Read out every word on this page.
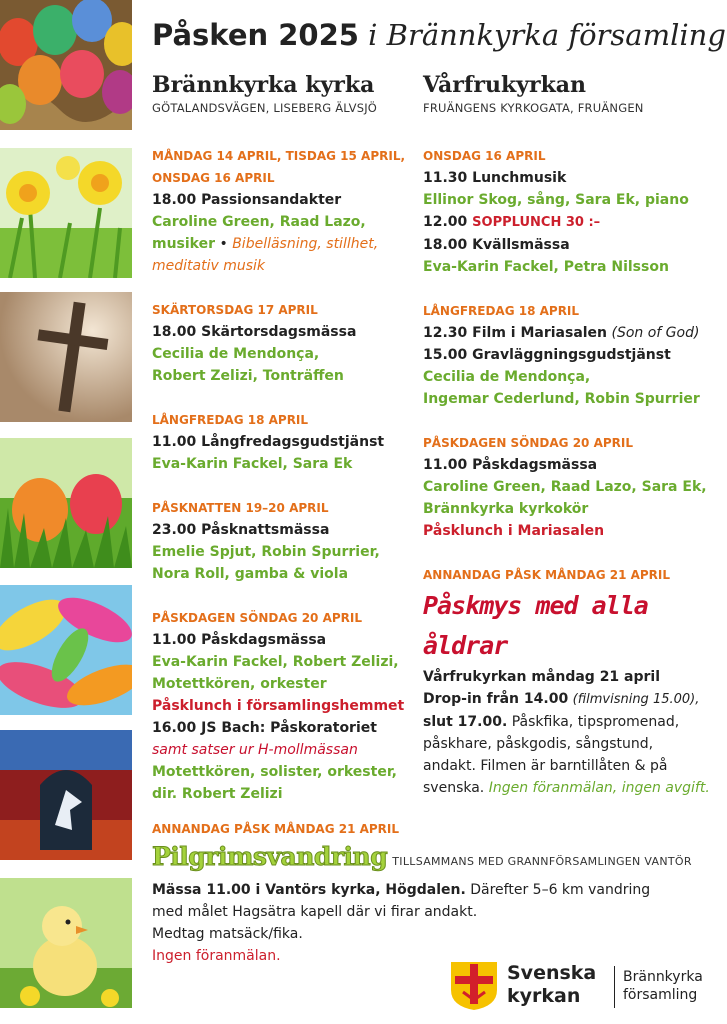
Påsken 2025 i Brännkyrka församling
Brännkyrka kyrka
GÖTALANDSVÄGEN, LISEBERG ÄLVSJÖ
MÅNDAG 14 APRIL, TISDAG 15 APRIL,
ONSDAG 16 APRIL
18.00 Passionsandakter
Caroline Green, Raad Lazo,
musiker • Bibelläsning, stillhet,
meditativ musik
SKÄRTORSDAG 17 APRIL
18.00 Skärtorsdagsmässa
Cecilia de Mendonça,
Robert Zelizi, Tonträffen
LÅNGFREDAG 18 APRIL
11.00 Långfredagsgudstjänst
Eva-Karin Fackel, Sara Ek
PÅSKNATTEN 19–20 APRIL
23.00 Påsknattsmässa
Emelie Spjut, Robin Spurrier,
Nora Roll, gamba & viola
PÅSKDAGEN SÖNDAG 20 APRIL
11.00 Påskdagsmässa
Eva-Karin Fackel, Robert Zelizi,
Motettkören, orkester
Påsklunch i församlingshemmet
16.00 JS Bach: Påskoratoriet
samt satser ur H-mollmässan
Motettkören, solister, orkester,
dir. Robert Zelizi
Vårfrukyrkan
FRUÄNGENS KYRKOGATA, FRUÄNGEN
ONSDAG 16 APRIL
11.30 Lunchmusik
Ellinor Skog, sång, Sara Ek, piano
12.00 SOPPLUNCH 30 :–
18.00 Kvällsmässa
Eva-Karin Fackel, Petra Nilsson
LÅNGFREDAG 18 APRIL
12.30 Film i Mariasalen (Son of God)
15.00 Gravläggningsgudstjänst
Cecilia de Mendonça,
Ingemar Cederlund, Robin Spurrier
PÅSKDAGEN SÖNDAG 20 APRIL
11.00 Påskdagsmässa
Caroline Green, Raad Lazo, Sara Ek,
Brännkyrka kyrkokör
Påsklunch i Mariasalen
ANNANDAG PÅSK MÅNDAG 21 APRIL
Påskmys med alla åldrar
Vårfrukyrkan måndag 21 april
Drop-in från 14.00 (filmvisning 15.00),
slut 17.00. Påskfika, tipspromenad,
påskhare, påskgodis, sångstund,
andakt. Filmen är barntillåten & på
svenska. Ingen föranmälan, ingen avgift.
ANNANDAG PÅSK MÅNDAG 21 APRIL
Pilgrimsvandring TILLSAMMANS MED GRANNFÖRSAMLINGEN VANTÖR
Mässa 11.00 i Vantörs kyrka, Högdalen. Därefter 5–6 km vandring
med målet Hagsätra kapell där vi firar andakt.
Medtag matsäck/fika.
Ingen föranmälan.
Svenska
kyrkan
Brännkyrka
församling
